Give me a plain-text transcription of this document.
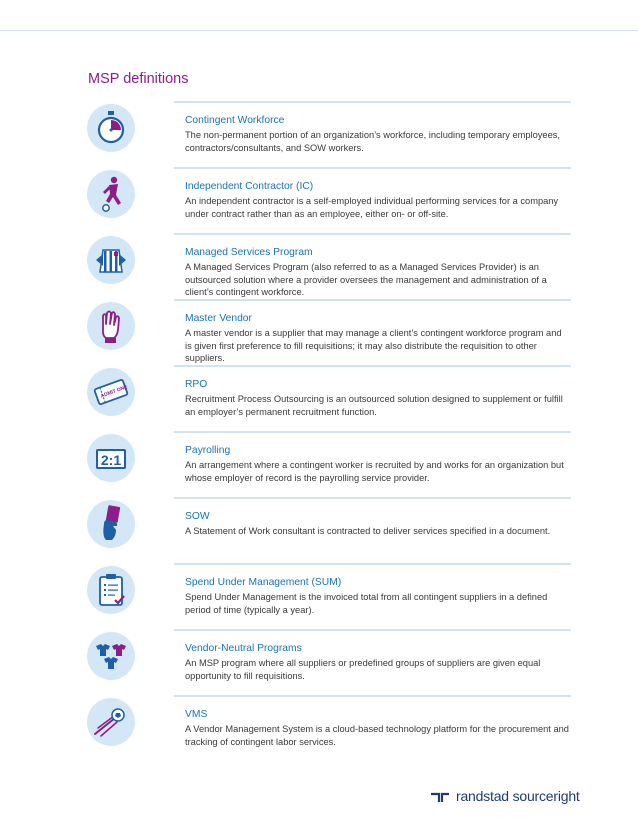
MSP definitions
Contingent Workforce

The non-permanent portion of an organization’s workforce, including temporary employees, contractors/consultants, and SOW workers.

Independent Contractor (IC)

An independent contractor is a self-employed individual performing services for a company under contract rather than as an employee, either on- or off-site.

Managed Services Program

A Managed Services Program (also referred to as a Managed Services Provider) is an outsourced solution where a provider oversees the management and administration of a client’s contingent workforce.

Master Vendor

A master vendor is a supplier that may manage a client’s contingent workforce program and is given first preference to fill requisitions; it may also distribute the requisition to other suppliers.

ADMIT ONE	RPO

Recruitment Process Outsourcing is an outsourced solution designed to supplement or fulfill an employer’s permanent recruitment function.

2:1
Payrolling

An arrangement where a contingent worker is recruited by and works for an organization but whose employer of record is the payrolling service provider.

SOW

A Statement of Work consultant is contracted to deliver services specified in a document.

Spend Under Management (SUM)

Spend Under Management is the invoiced total from all contingent suppliers in a defined period of time (typically a year).

Vendor-Neutral Programs

An MSP program where all suppliers or predefined groups of suppliers are given equal opportunity to fill requisitions.

VMS

A Vendor Management System is a cloud-based technology platform for the procurement and tracking of contingent labor services.

randstad sourceright
